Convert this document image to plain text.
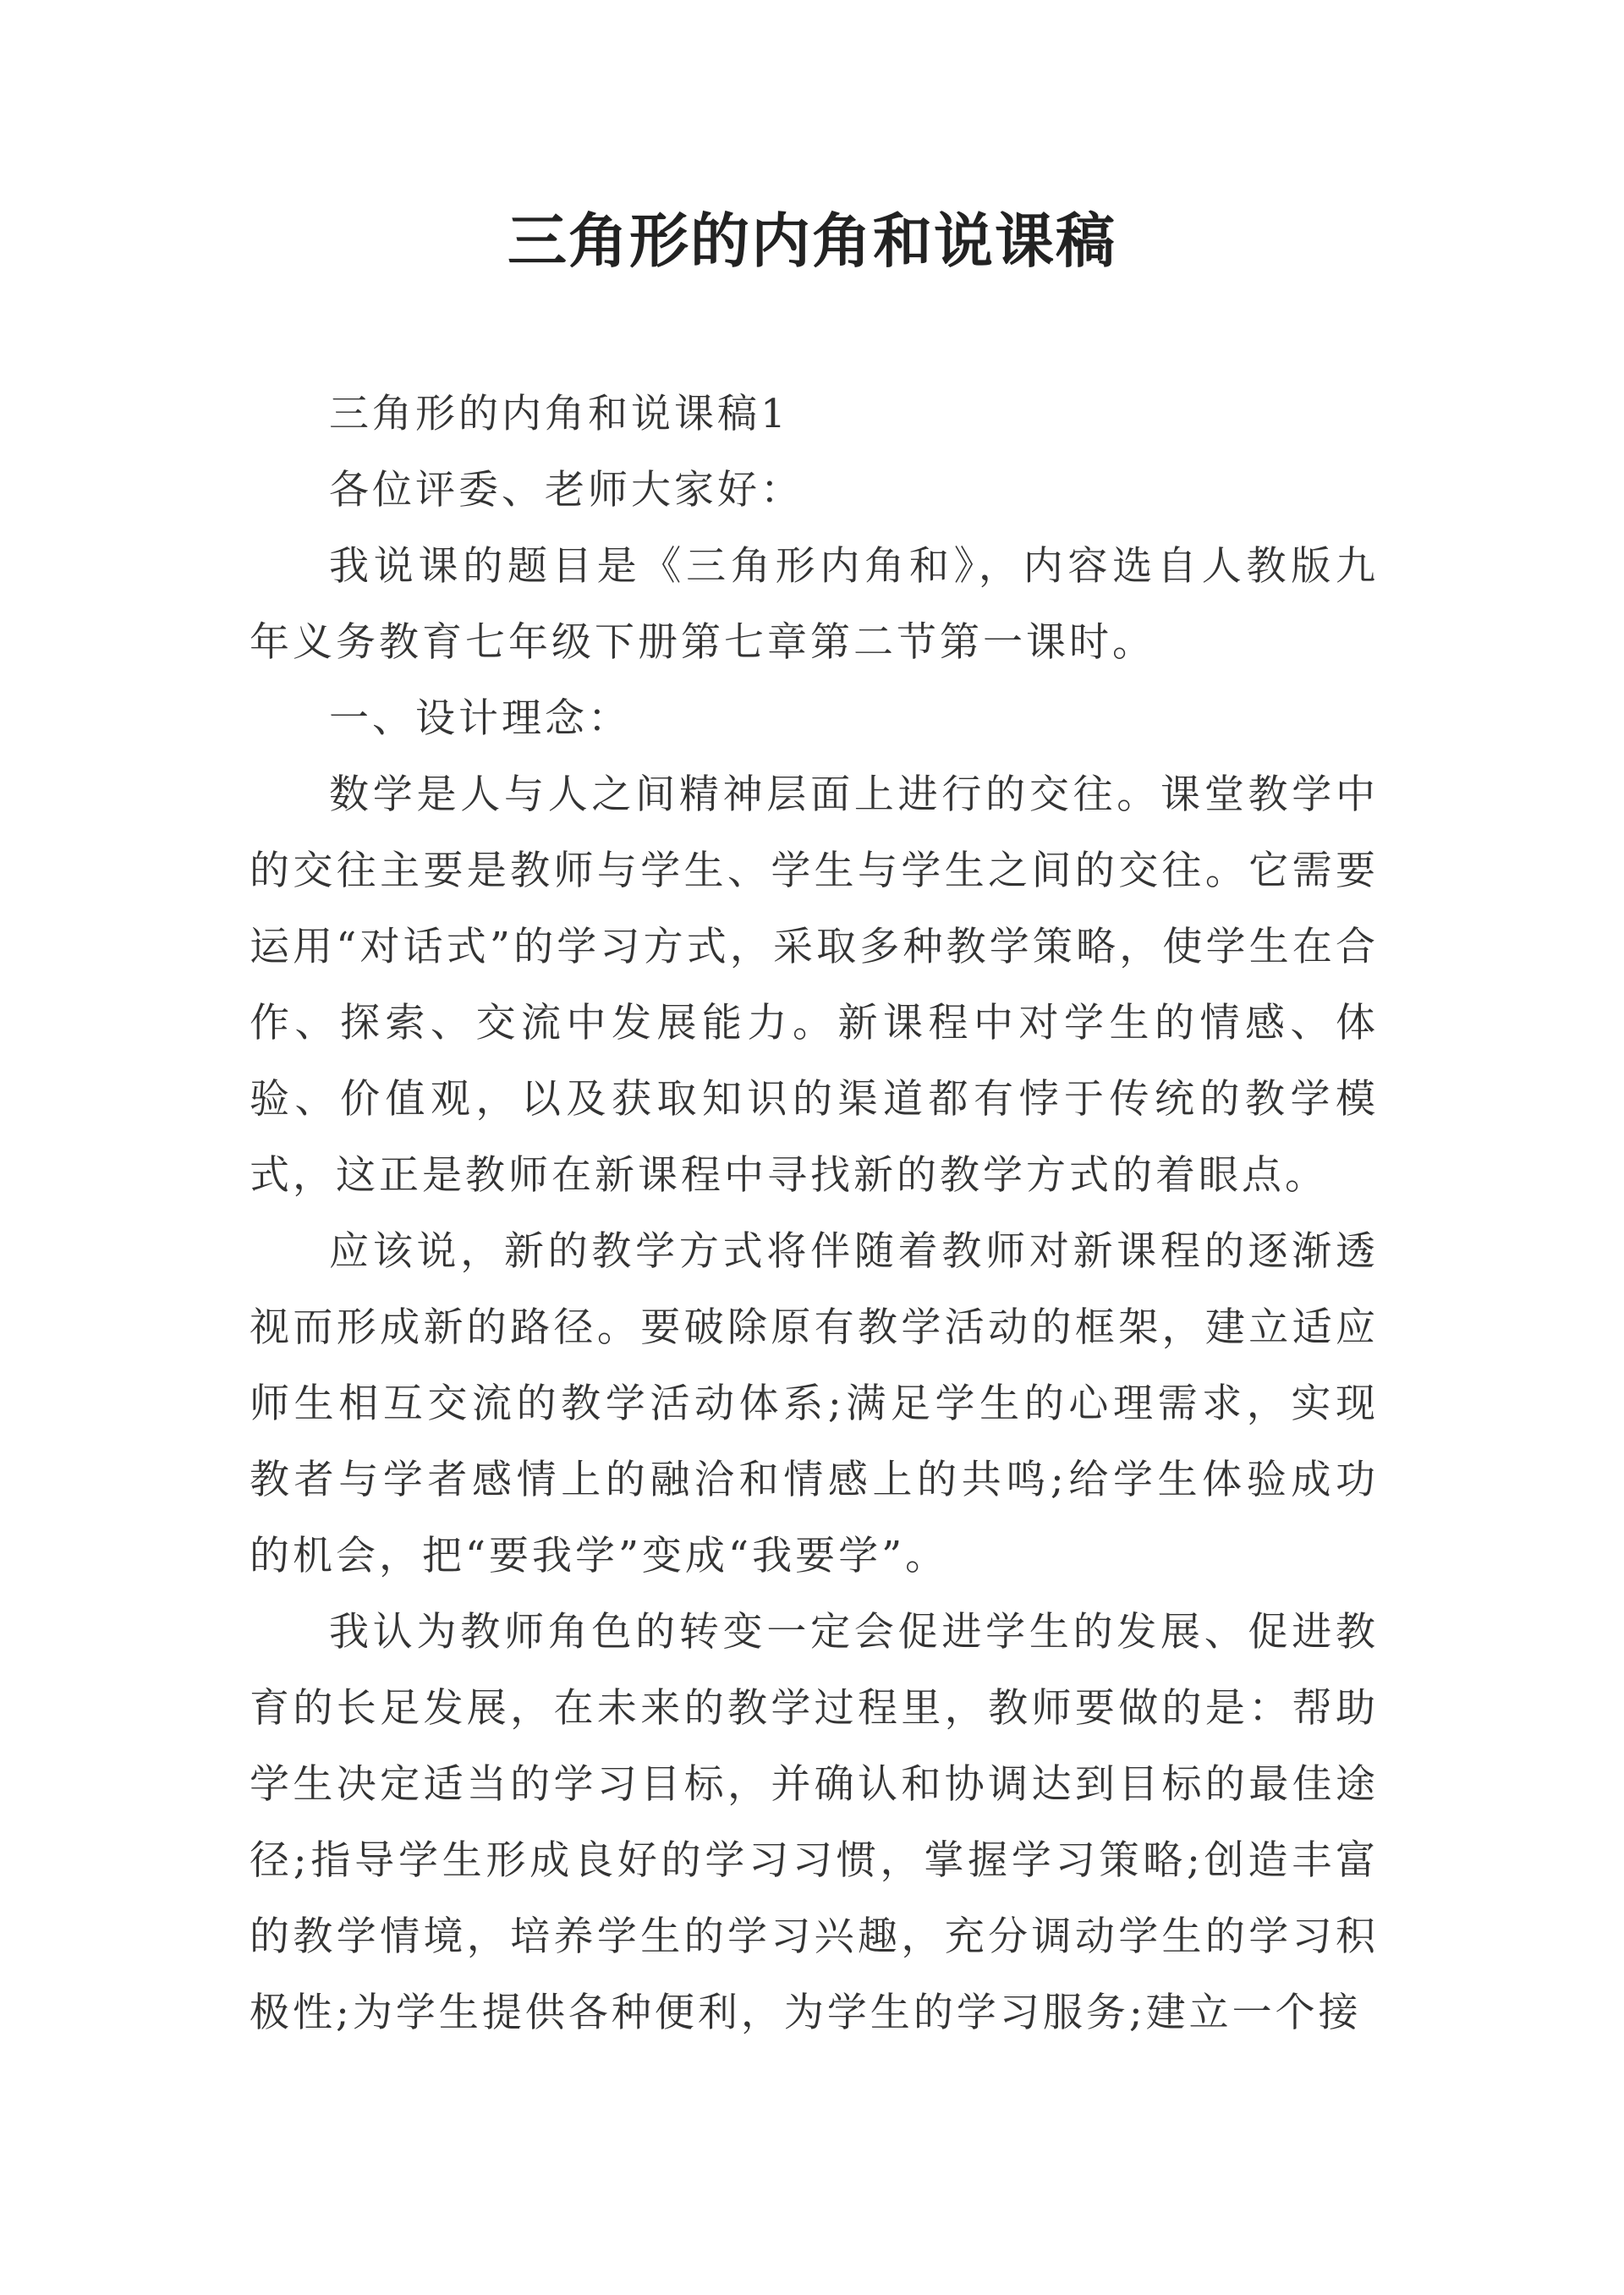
三角形的内角和说课稿

三角形的内角和说课稿1

各位评委、老师大家好：

我说课的题目是《三角形内角和》，内容选自人教版九年义务教育七年级下册第七章第二节第一课时。

一、设计理念：

数学是人与人之间精神层面上进行的交往。课堂教学中的交往主要是教师与学生、学生与学生之间的交往。它需要运用“对话式”的学习方式，采取多种教学策略，使学生在合作、探索、交流中发展能力。新课程中对学生的情感、体验、价值观，以及获取知识的渠道都有悖于传统的教学模式，这正是教师在新课程中寻找新的教学方式的着眼点。

应该说，新的教学方式将伴随着教师对新课程的逐渐透视而形成新的路径。要破除原有教学活动的框架，建立适应师生相互交流的教学活动体系;满足学生的心理需求，实现教者与学者感情上的融洽和情感上的共鸣;给学生体验成功的机会，把“要我学”变成“我要学”。

我认为教师角色的转变一定会促进学生的发展、促进教育的长足发展，在未来的教学过程里，教师要做的是：帮助学生决定适当的学习目标，并确认和协调达到目标的最佳途径;指导学生形成良好的学习习惯，掌握学习策略;创造丰富的教学情境，培养学生的学习兴趣，充分调动学生的学习积极性;为学生提供各种便利，为学生的学习服务;建立一个接
